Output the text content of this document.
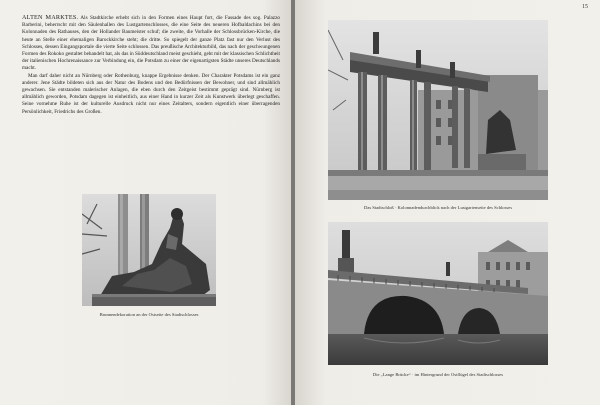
ALTEN MARKTES. Als Stadtkirche erhebt sich in den Formen eines Haupt fort, die Fassade des sog. Palazzo Barberini, beherrscht mit den Säulenhallen des Lustgartenschlosses, die eine Seite des neueren Hofbaldachins bei den Kolonnaden des Rathauses, den der Hollander Baumeister schuf; die zweite, die Vorhalle der Schlossbrücken-Kirche, die heute an Stelle einer ehemaligen Barockkirche steht; die dritte. So spiegelt der ganze Platz fast nur den Verlust des Schlosses, dessen Eingangsportale die vierte Seite schlossen. Das preußische Architekturbild, das nach der geschwungenen Formen des Rokoko gestaltet behandelt hat, als das in Süddeutschland meist geschieht, geht mit der klassischen Schlichtheit der italienischen Hochrenaissance zur Verbindung ein, die Potsdam zu einer der eigenartigsten Städte unseres Deutschlands macht.

Man darf daher nicht an Nürnberg oder Rothenburg, knappe Ergebnisse denken. Der Charakter Potsdams ist ein ganz anderer. Jene Städte bildeten sich aus der Natur des Bodens und den Bedürfnissen der Bewohner, und sind allmählich gewachsen. Sie entstanden malerischer Anlagen, die eben durch den Zeitgeist bestimmt geprägt sind. Nürnberg ist allmählich geworden, Potsdam dagegen ist einheitlich, aus einer Hand in kurzer Zeit als Kunstwerk überlegt geschaffen. Seine vornehme Ruhe ist der kulturelle Ausdruck nicht nur eines Zeitalters, sondern eigentlich einer überragenden Persönlichkeit, Friedrichs des Großen.

Brunnendekoration an der Ostseite des Stadtschlosses
15
Das Stadtschloß · Kolonnadendurchblick nach der Lustgartenseite des Schlosses
Die „Lange Brücke“ · im Hintergrund der Ostflügel des Stadtschlosses
